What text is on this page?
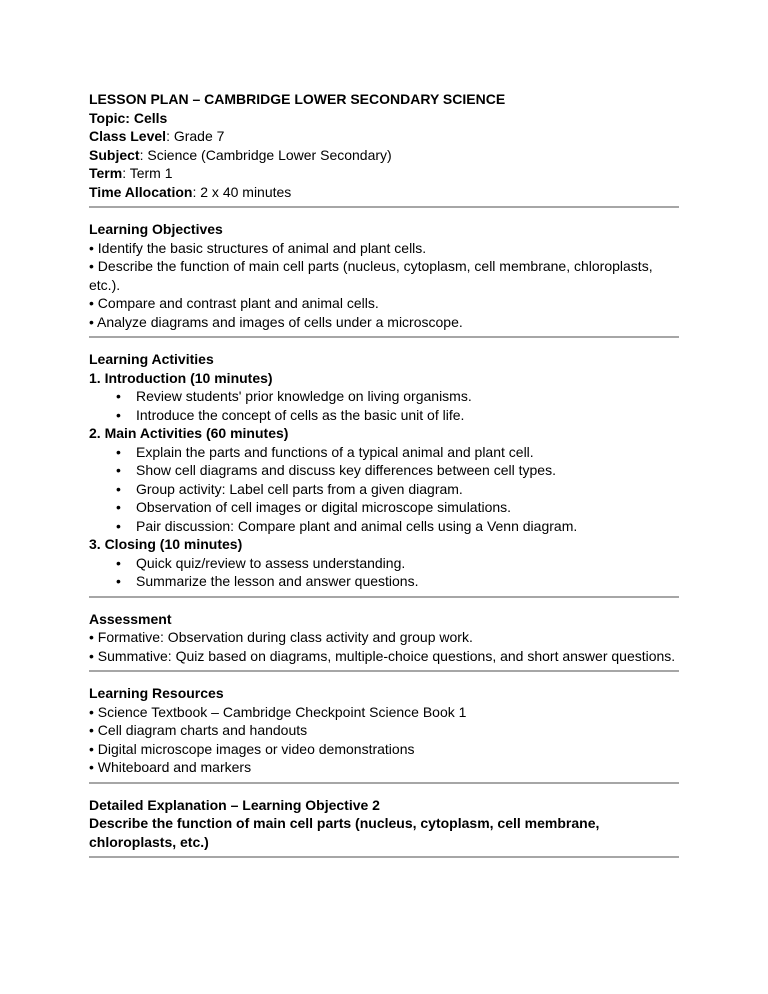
LESSON PLAN – CAMBRIDGE LOWER SECONDARY SCIENCE

Topic: Cells

Class Level: Grade 7

Subject: Science (Cambridge Lower Secondary)

Term: Term 1

Time Allocation: 2 x 40 minutes

Learning Objectives

• Identify the basic structures of animal and plant cells.

• Describe the function of main cell parts (nucleus, cytoplasm, cell membrane, chloroplasts, etc.).

• Compare and contrast plant and animal cells.

• Analyze diagrams and images of cells under a microscope.

Learning Activities

1. Introduction (10 minutes)

• Review students' prior knowledge on living organisms.
• Introduce the concept of cells as the basic unit of life.

2. Main Activities (60 minutes)

• Explain the parts and functions of a typical animal and plant cell.
• Show cell diagrams and discuss key differences between cell types.
• Group activity: Label cell parts from a given diagram.
• Observation of cell images or digital microscope simulations.
• Pair discussion: Compare plant and animal cells using a Venn diagram.

3. Closing (10 minutes)

• Quick quiz/review to assess understanding.
• Summarize the lesson and answer questions.

Assessment

• Formative: Observation during class activity and group work.

• Summative: Quiz based on diagrams, multiple-choice questions, and short answer questions.

Learning Resources

• Science Textbook – Cambridge Checkpoint Science Book 1

• Cell diagram charts and handouts

• Digital microscope images or video demonstrations

• Whiteboard and markers

Detailed Explanation – Learning Objective 2

Describe the function of main cell parts (nucleus, cytoplasm, cell membrane, chloroplasts, etc.)
